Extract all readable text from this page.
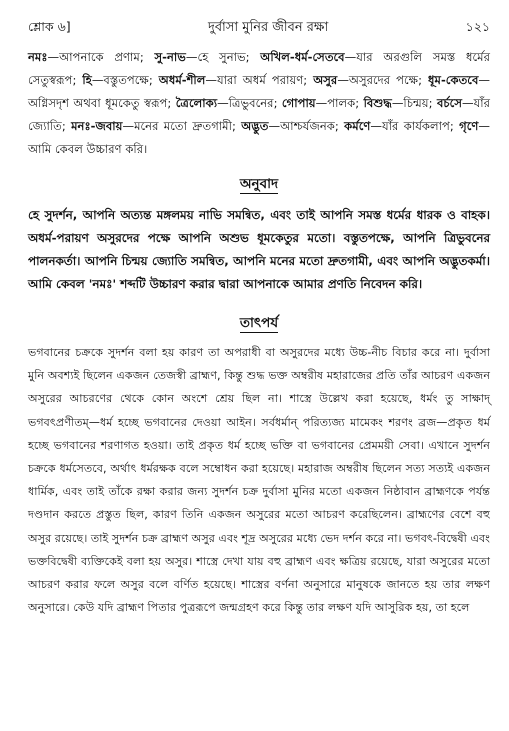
শ্লোক ৬]	দুর্বাসা মুনির জীবন রক্ষা	১২১

নমঃ—আপনাকে প্রণাম; সু-নাভ—হে সুনাভ; অখিল-ধর্ম-সেতবে—যার অরগুলি সমস্ত ধর্মের সেতুস্বরূপ; হি—বস্তুতপক্ষে; অধর্ম-শীল—যারা অধর্ম পরায়ণ; অসুর—অসুরদের পক্ষে; ধূম-কেতবে—অগ্নিসদৃশ অথবা ধূমকেতু স্বরূপ; ত্রৈলোক্য—ত্রিভুবনের; গোপায়—পালক; বিশুদ্ধ—চিন্ময়; বর্চসে—যাঁর জ্যোতি; মনঃ-জবায়—মনের মতো দ্রুতগামী; অদ্ভুত—আশ্চর্যজনক; কর্মণে—যাঁর কার্যকলাপ; গৃণে—আমি কেবল উচ্চারণ করি।

অনুবাদ

হে সুদর্শন, আপনি অত্যন্ত মঙ্গলময় নাভি সমন্বিত, এবং তাই আপনি সমস্ত ধর্মের ধারক ও বাহক। অধর্ম-পরায়ণ অসুরদের পক্ষে আপনি অশুভ ধূমকেতুর মতো। বস্তুতপক্ষে, আপনি ত্রিভুবনের পালনকর্তা। আপনি চিন্ময় জ্যোতি সমন্বিত, আপনি মনের মতো দ্রুতগামী, এবং আপনি অদ্ভুতকর্মা। আমি কেবল 'নমঃ' শব্দটি উচ্চারণ করার দ্বারা আপনাকে আমার প্রণতি নিবেদন করি।

তাৎপর্য

ভগবানের চক্রকে সুদর্শন বলা হয় কারণ তা অপরাধী বা অসুরদের মধ্যে উচ্চ-নীচ বিচার করে না। দুর্বাসা মুনি অবশ্যই ছিলেন একজন তেজস্বী ব্রাহ্মণ, কিন্তু শুদ্ধ ভক্ত অম্বরীষ মহারাজের প্রতি তাঁর আচরণ একজন অসুরের আচরণের থেকে কোন অংশে শ্রেয় ছিল না। শাস্ত্রে উল্লেখ করা হয়েছে, ধর্মং তু সাক্ষাদ্ ভগবৎপ্রণীতম্—ধর্ম হচ্ছে ভগবানের দেওয়া আইন। সর্বধর্মান্ পরিত্যজ্য মামেকং শরণং ব্রজ—প্রকৃত ধর্ম হচ্ছে ভগবানের শরণাগত হওয়া। তাই প্রকৃত ধর্ম হচ্ছে ভক্তি বা ভগবানের প্রেমময়ী সেবা। এখানে সুদর্শন চক্রকে ধর্মসেতবে, অর্থাৎ ধর্মরক্ষক বলে সম্বোধন করা হয়েছে। মহারাজ অম্বরীষ ছিলেন সত্য সত্যই একজন ধার্মিক, এবং তাই তাঁকে রক্ষা করার জন্য সুদর্শন চক্র দুর্বাসা মুনির মতো একজন নিষ্ঠাবান ব্রাহ্মণকে পর্যন্ত দণ্ডদান করতে প্রস্তুত ছিল, কারণ তিনি একজন অসুরের মতো আচরণ করেছিলেন। ব্রাহ্মণের বেশে বহু অসুর রয়েছে। তাই সুদর্শন চক্র ব্রাহ্মণ অসুর এবং শূদ্র অসুরের মধ্যে ভেদ দর্শন করে না। ভগবৎ-বিদ্বেষী এবং ভক্তবিদ্বেষী ব্যক্তিকেই বলা হয় অসুর। শাস্ত্রে দেখা যায় বহু ব্রাহ্মণ এবং ক্ষত্রিয় রয়েছে, যারা অসুরের মতো আচরণ করার ফলে অসুর বলে বর্ণিত হয়েছে। শাস্ত্রের বর্ণনা অনুসারে মানুষকে জানতে হয় তার লক্ষণ অনুসারে। কেউ যদি ব্রাহ্মণ পিতার পুত্ররূপে জন্মগ্রহণ করে কিন্তু তার লক্ষণ যদি আসুরিক হয়, তা হলে
